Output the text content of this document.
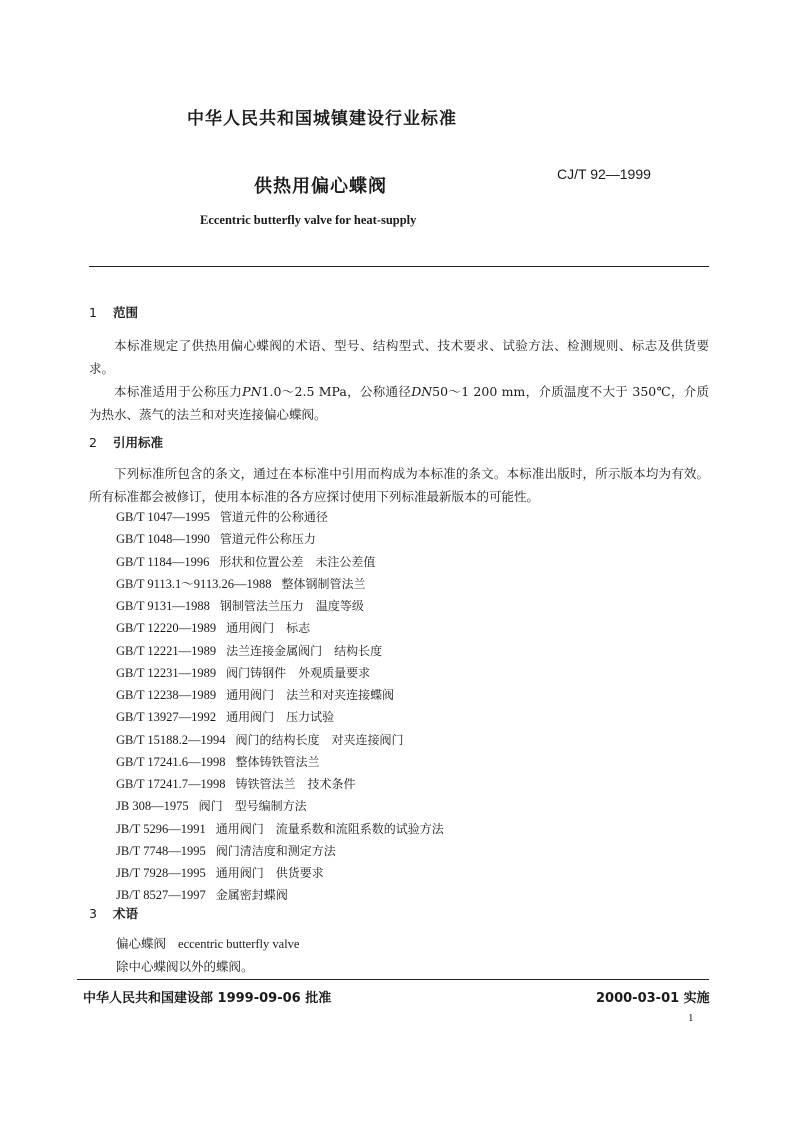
中华人民共和国城镇建设行业标准
供热用偏心蝶阀
CJ/T 92—1999
Eccentric butterfly valve for heat-supply
1 范围
本标准规定了供热用偏心蝶阀的术语、型号、结构型式、技术要求、试验方法、检测规则、标志及供货要求。
本标准适用于公称压力PN1.0～2.5 MPa，公称通径DN50～1 200 mm，介质温度不大于 350℃，介质为热水、蒸气的法兰和对夹连接偏心蝶阀。
2 引用标准
下列标准所包含的条文，通过在本标准中引用而构成为本标准的条文。本标准出版时，所示版本均为有效。所有标准都会被修订，使用本标准的各方应探讨使用下列标准最新版本的可能性。
GB/T 1047—1995 管道元件的公称通径
GB/T 1048—1990 管道元件公称压力
GB/T 1184—1996 形状和位置公差　未注公差值
GB/T 9113.1～9113.26—1988 整体钢制管法兰
GB/T 9131—1988 钢制管法兰压力　温度等级
GB/T 12220—1989 通用阀门　标志
GB/T 12221—1989 法兰连接金属阀门　结构长度
GB/T 12231—1989 阀门铸钢件　外观质量要求
GB/T 12238—1989 通用阀门　法兰和对夹连接蝶阀
GB/T 13927—1992 通用阀门　压力试验
GB/T 15188.2—1994 阀门的结构长度　对夹连接阀门
GB/T 17241.6—1998 整体铸铁管法兰
GB/T 17241.7—1998 铸铁管法兰　技术条件
JB 308—1975 阀门　型号编制方法
JB/T 5296—1991 通用阀门　流量系数和流阻系数的试验方法
JB/T 7748—1995 阀门清洁度和测定方法
JB/T 7928—1995 通用阀门　供货要求
JB/T 8527—1997 金属密封蝶阀
3 术语
偏心蝶阀 eccentric butterfly valve
除中心蝶阀以外的蝶阀。
中华人民共和国建设部 1999-09-06 批准	2000-03-01 实施
1
